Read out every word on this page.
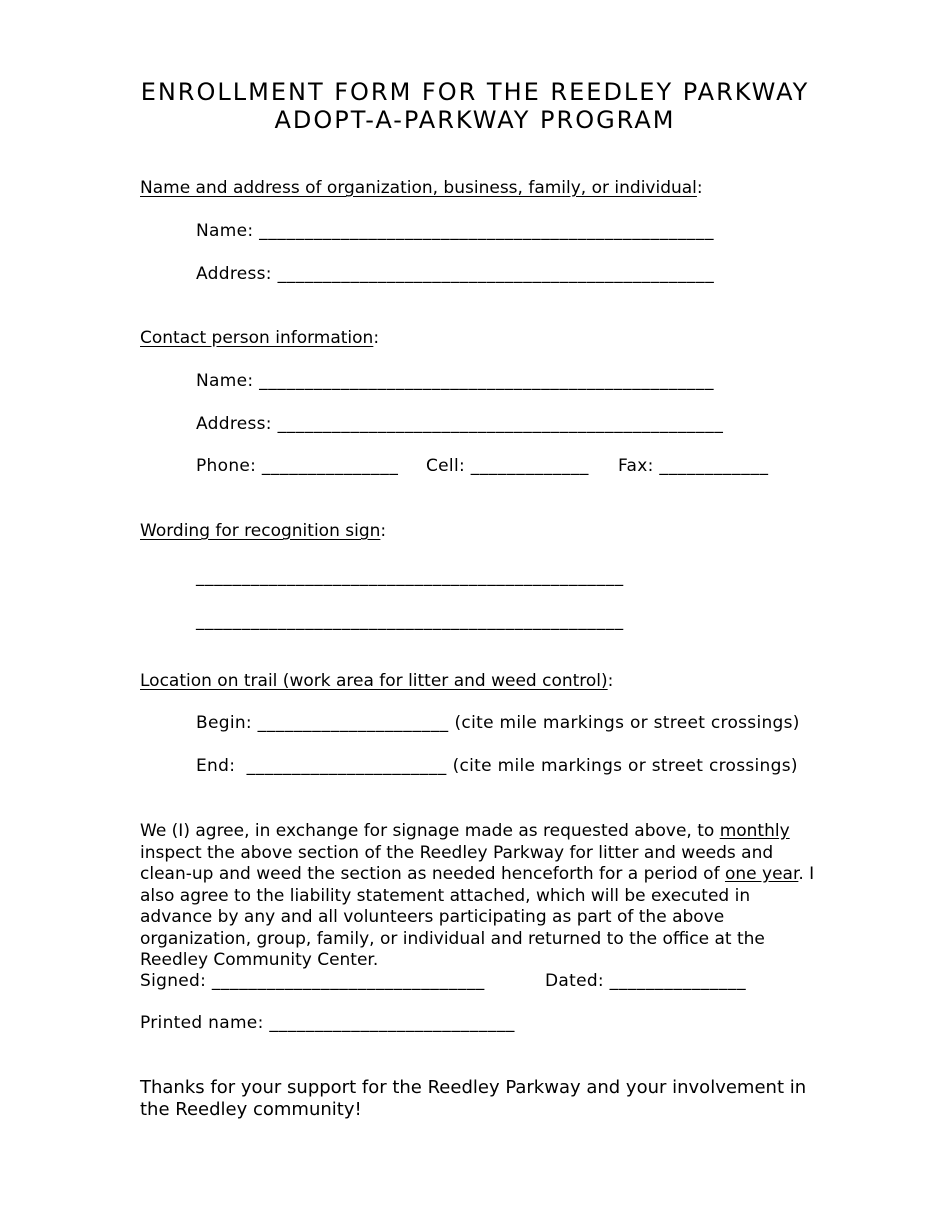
ENROLLMENT FORM FOR THE REEDLEY PARKWAY
ADOPT-A-PARKWAY PROGRAM
Name and address of organization, business, family, or individual:
Name: __________________________________________________
Address: ________________________________________________
Contact person information:
Name: __________________________________________________
Address: _________________________________________________
Phone: _______________ Cell: _____________ Fax: ____________
Wording for recognition sign:
_______________________________________________
_______________________________________________
Location on trail (work area for litter and weed control):
Begin: _____________________ (cite mile markings or street crossings)
End: ______________________ (cite mile markings or street crossings)
We (I) agree, in exchange for signage made as requested above, to monthly inspect the above section of the Reedley Parkway for litter and weeds and clean-up and weed the section as needed henceforth for a period of one year. I also agree to the liability statement attached, which will be executed in advance by any and all volunteers participating as part of the above organization, group, family, or individual and returned to the office at the Reedley Community Center.
Signed: ______________________________	Dated: _______________
Printed name: ___________________________
Thanks for your support for the Reedley Parkway and your involvement in the Reedley community!
